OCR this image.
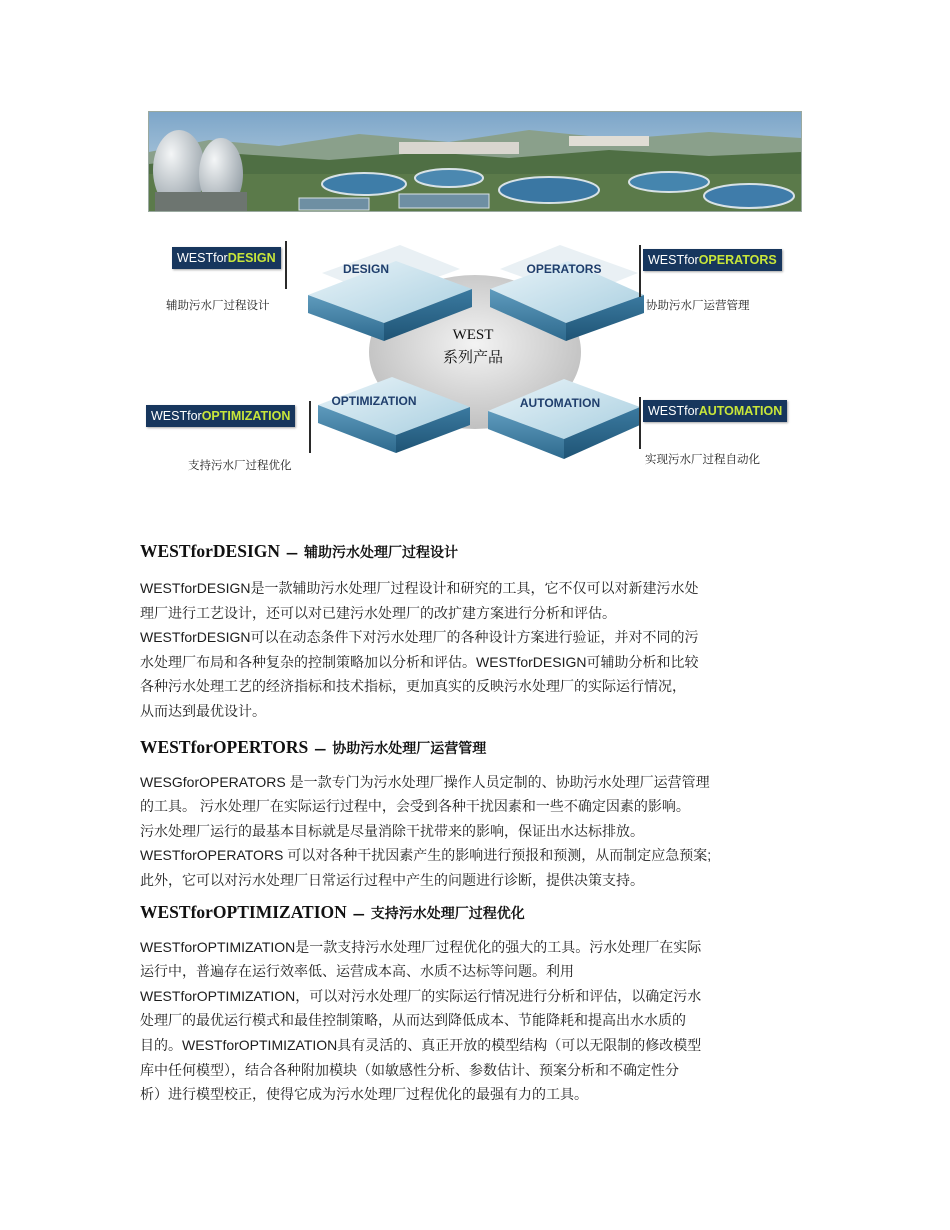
DESIGN	OPERATORS
OPTIMIZATION	AUTOMATION
WEST
系列产品
WESTforDESIGN
辅助污水厂过程设计
WESTforOPERATORS
协助污水厂运营管理
WESTforOPTIMIZATION
支持污水厂过程优化
WESTforAUTOMATION
实现污水厂过程自动化
WESTforDESIGN — 辅助污水处理厂过程设计

WESTforDESIGN是一款辅助污水处理厂过程设计和研究的工具，它不仅可以对新建污水处
理厂进行工艺设计，还可以对已建污水处理厂的改扩建方案进行分析和评估。
WESTforDESIGN可以在动态条件下对污水处理厂的各种设计方案进行验证，并对不同的污
水处理厂布局和各种复杂的控制策略加以分析和评估。WESTforDESIGN可辅助分析和比较
各种污水处理工艺的经济指标和技术指标，更加真实的反映污水处理厂的实际运行情况，
从而达到最优设计。

WESTforOPERTORS — 协助污水处理厂运营管理

WESGforOPERATORS 是一款专门为污水处理厂操作人员定制的、协助污水处理厂运营管理
的工具。 污水处理厂在实际运行过程中，会受到各种干扰因素和一些不确定因素的影响。
污水处理厂运行的最基本目标就是尽量消除干扰带来的影响，保证出水达标排放。
WESTforOPERATORS 可以对各种干扰因素产生的影响进行预报和预测，从而制定应急预案;
此外，它可以对污水处理厂日常运行过程中产生的问题进行诊断，提供决策支持。

WESTforOPTIMIZATION — 支持污水处理厂过程优化

WESTforOPTIMIZATION是一款支持污水处理厂过程优化的强大的工具。污水处理厂在实际
运行中，普遍存在运行效率低、运营成本高、水质不达标等问题。利用
WESTforOPTIMIZATION，可以对污水处理厂的实际运行情况进行分析和评估，以确定污水
处理厂的最优运行模式和最佳控制策略，从而达到降低成本、节能降耗和提高出水水质的
目的。WESTforOPTIMIZATION具有灵活的、真正开放的模型结构（可以无限制的修改模型
库中任何模型），结合各种附加模块（如敏感性分析、参数估计、预案分析和不确定性分
析）进行模型校正，使得它成为污水处理厂过程优化的最强有力的工具。
